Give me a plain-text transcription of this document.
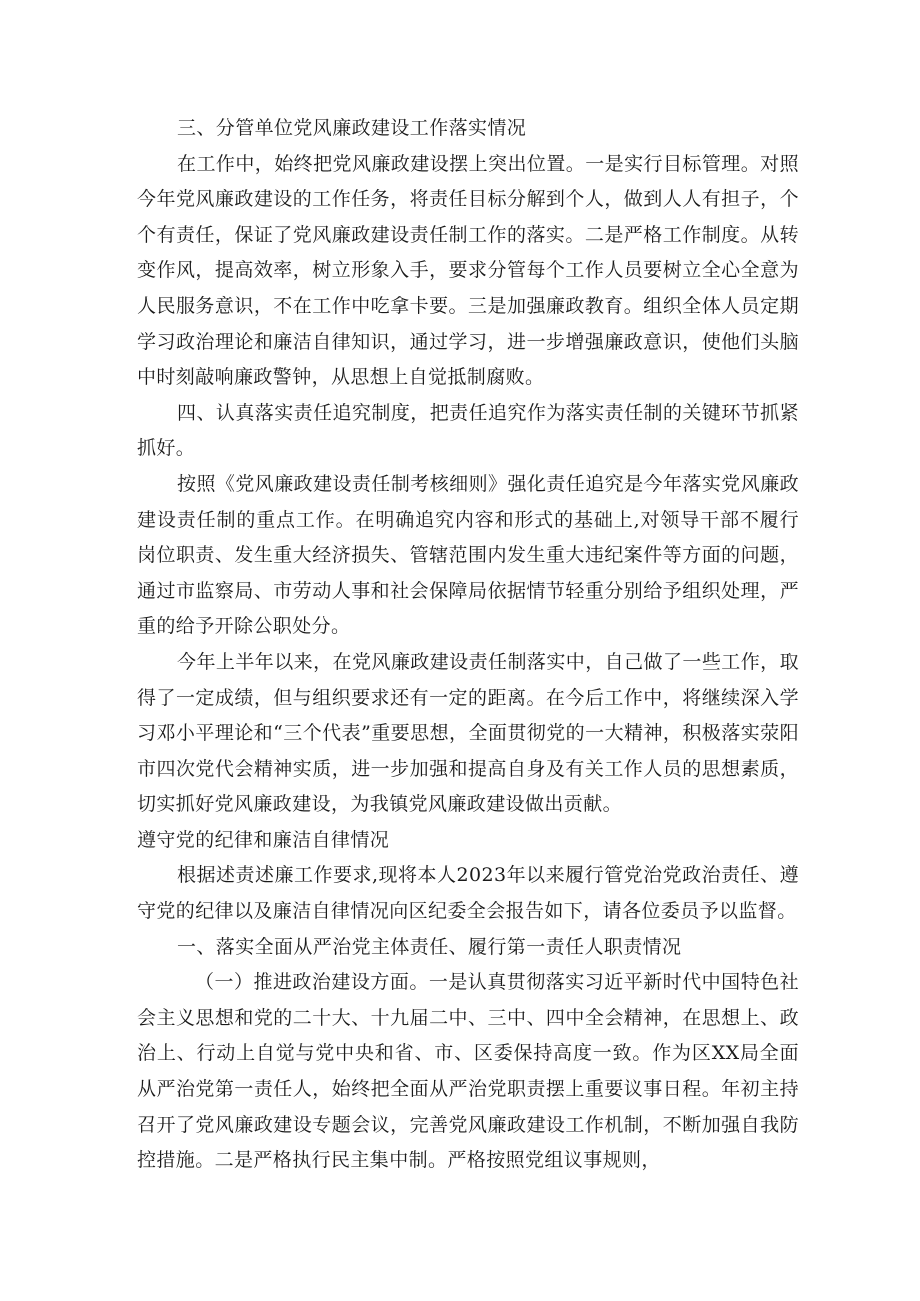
三、分管单位党风廉政建设工作落实情况

在工作中，始终把党风廉政建设摆上突出位置。一是实行目标管理。对照今年党风廉政建设的工作任务，将责任目标分解到个人，做到人人有担子，个个有责任，保证了党风廉政建设责任制工作的落实。二是严格工作制度。从转变作风，提高效率，树立形象入手，要求分管每个工作人员要树立全心全意为人民服务意识，不在工作中吃拿卡要。三是加强廉政教育。组织全体人员定期学习政治理论和廉洁自律知识，通过学习，进一步增强廉政意识，使他们头脑中时刻敲响廉政警钟，从思想上自觉抵制腐败。

四、认真落实责任追究制度，把责任追究作为落实责任制的关键环节抓紧抓好。

按照《党风廉政建设责任制考核细则》强化责任追究是今年落实党风廉政建设责任制的重点工作。在明确追究内容和形式的基础上,对领导干部不履行岗位职责、发生重大经济损失、管辖范围内发生重大违纪案件等方面的问题，通过市监察局、市劳动人事和社会保障局依据情节轻重分别给予组织处理，严重的给予开除公职处分。

今年上半年以来，在党风廉政建设责任制落实中，自己做了一些工作，取得了一定成绩，但与组织要求还有一定的距离。在今后工作中，将继续深入学习邓小平理论和“三个代表”重要思想，全面贯彻党的一大精神，积极落实荥阳市四次党代会精神实质，进一步加强和提高自身及有关工作人员的思想素质，切实抓好党风廉政建设，为我镇党风廉政建设做出贡献。

遵守党的纪律和廉洁自律情况

根据述责述廉工作要求,现将本人2023年以来履行管党治党政治责任、遵守党的纪律以及廉洁自律情况向区纪委全会报告如下，请各位委员予以监督。

一、落实全面从严治党主体责任、履行第一责任人职责情况

（一）推进政治建设方面。一是认真贯彻落实习近平新时代中国特色社会主义思想和党的二十大、十九届二中、三中、四中全会精神，在思想上、政治上、行动上自觉与党中央和省、市、区委保持高度一致。作为区XX局全面从严治党第一责任人，始终把全面从严治党职责摆上重要议事日程。年初主持召开了党风廉政建设专题会议，完善党风廉政建设工作机制，不断加强自我防控措施。二是严格执行民主集中制。严格按照党组议事规则，
